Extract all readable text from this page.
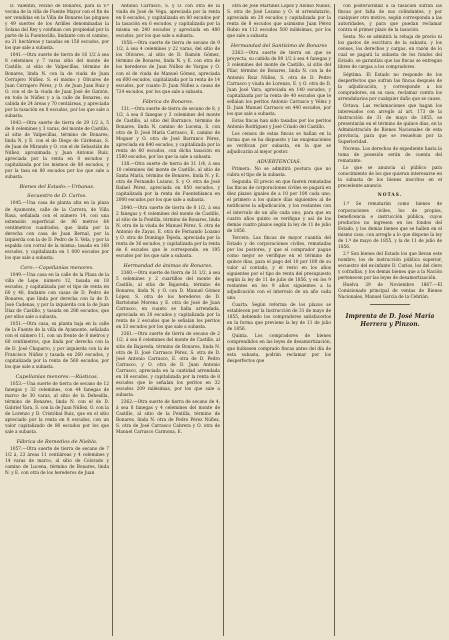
D. Valentin, vecino de Bonares, para la V.ª vecina de la villa de Fuente Mayor con el fin de ser vendidas en la Villa de Bonares las pingues y 49 suertes de los Ardiles denominadas la Solana del Rey y confinan con propiedad por la parte de la Fuentecilla, lindante con el camino, su 21 hectáreas y tasadas en 150 escudos, por los que sale a subasta.

1041.—Otra suerte de tierra de 16 1/2 á sea 8 celemines y 7 varas sitio del monte de Castillo, al sitio de Valpecillas, término de Bonares, linda N. con la de viuda de Juan Cerrajero Núñez. S. el mismo y Olivares de Juan Cerrajero Pérez, y O. de Juan Juan Ruiz y O. con el de la viuda de Juan José de Garzón, en todo lo Núñez y a la calle de Bonares; su cabida de 24 áreas y 70 centiáreas, y apreciada por la tasación en 8 escudos, por los que sale a subasta.

1043.—Otra suerte de tierra de 29 1/2 á, 5 de 8 celemines y 3 varas, del monte de Castillo, al sitio de Valpecillas, término de Bonares, linda N. y E. con el de Diego de Cárdenas, S. de Juan de Mirando y O. con el de Sebastián de Núñez, aproximada y Juan Antonio Ruiz, apreciada por la renta en 8 escudos y capitalizada por los mismos de 80 escudos, y por la tasa en 80 escudos por los que sale a subasta.

Bienes del Estado.—Urbanas.
Secuestro de D. Carlos.

1045.—Una casa de planta alta en la plaza de Ayamonte, calle de la Carrera, de Villa Rasa, señalada con el número 14, con una extensión superficial de 86 metros 64 centímetros cuadrados, que linda por la derecha con casa de Juan Bernal, por la izquierda con la de D. Pedro de S. Vela, y por la espalda con corral de la misma; tasada en 168 escudos, y capitalizada en 1 000 escudos por los que sale a subasta.

Cero.—Capellanías menores.

1049.—Una casa en la calle de la Plaza de la villa de Lepe, número 12, tasada en 18 escudos, y capitalizada por el tipo de renta en 60 y 40, lindante con casas de D. Pedro de Bonares, que linda por derecha con la de D. José Cadenas, y por la izquierda con la de Juan Díaz de Castillo, y tasada en 286 escudos, que por ellos sale a subasta.

1051.—Otra casa, su planta baja en la calle de la Fuente de la villa de Ayamonte, señalada con el número 11, con un frente de 8 metros y 60 centímetros, que linda por derecha con la de D. José Chaparro, y por izquierda con la de Francisco Núñez y tasada en 260 escudos, y capitalizada por la renta de 560 escudos, por los que sale a subasta.

Capellanías menores.—Rústicas.

1053.—Una suerte de tierra de secano de 12 fanegas y 32 celemines, con 44 fanegas de marco de 30 varas, al sitio de la Dehesilla, término de Bonares, linda N. con el de D. Gabriel Vara, S. con la de Juan Núñez, O. con la de Lorenzo y D. Cristóbal Ruiz, que en el sitio apreciado por la renta en 8 escudos, con un valor capitalizado de 80 escudos por los que sale a subasta.

Fábrica de Remedios de Niebla.

1057.—Otra suerte de tierra de secano de 7 1/2 á, 23 áreas 11 centiáreas y 4 celemines y 14 varas de marco, al sitio de Colorado y camino de Lucena, término de Bonares, linda N. y E. con otra de los herederos de Juan

Antonio Carrasco, S. y O. con otra de la viuda de José de Vega, apreciada por la renta en 8 escudos, y capitalizada en 80 escudos por la tasación en 6 escudos, y capitalizada por la misma en 240 escudos y apreciada en 480 escudos, por los que sale a subasta.

1058.—Otra suerte de tierra de secano de 9 1/2, á sea 4 celemines y 22 varas, del sitio de los Olivares, al sitio de D. Ramón Gómez, término de Bonares, linda N. y E. con otra de los herederos de Juan Núñez de Vargas y O. con el de viuda de Manuel Gómez, apreciada en 600 escudos, capitalizada por la renta de 14 escudos, por cuanto D. Juan Núñez a causa de 724 escudos, por los que sale a subasta.

Fábrica de Bonares.

131.—Otra suerte de tierra de secano de 8, y 1/2, á sea 8 fanegas y 3 celemines del monte de Castillo, al sitio del Barranco, término de Bonares, linda N. camino de Lucena, S. con otra de D. José María Carrasco, E. camino de Moguer y O. otra de José Barranco Pérez, apreciada en 840 escudos, y capitalizada por la renta de 60 escudos, con dicha tasación en 1580 escudos, por los que la sale a subasta.

138.—Otra suerte de tierra de 31 1/4, á sea 10 celemines del monte de Castillo, al sitio de Santa María, término de Bonares, linda N. y E. otra de Fernando Lozano, S. y O. otra de José Rafael Pérez, apreciada en 850 escudos, y capitalizada por la renta de Fuenteblanca en 2000 escudos por los que sale a subasta.

2040.—Otra suerte de tierra de 8 1/2, á sea 2 fanegas y 4 celemines del monte de Castillo, al sitio de la Pontilla, término de Bonares, linda N. otra de la viuda de Manuel Pérez, S. otra de Antonio de Zayas, E. otra de Fernando Lozano y O. otra de Domingo Tejeda, apreciada por la renta de 36 escudos, y capitalizada por la renta de 6 escudos que le corresponde, en 195 escudos por los que sale a subasta.

Hermandad de ánimas de Bonares.

2360.—Otra suerte de tierra de 31 1/2, á sea 5 celemines y 2 cuartillos del monte de Castillo, al sitio de Bajareda, término de Bonares, linda N. y O. con D. Manuel Gómez López, S. otra de los herederos de D. Bartolomé Morena y E. otra de José de Juan Carrasco, en cuanto se halla arrendada, apreciada en 20 escudos y capitalizada por la renta de 2 escudos que le señalan los peritos en 33 escudos por los que sale a subasta.

2361.—Otra suerte de tierra de secano de 2 1/2, á sea 6 celemines del monte de Castillo, al sitio de Bajareda, término de Bonares, linda N. otra de D. José Carrasco Pérez, S. otra de D. José Antonio Carrasco, E. otra de D. Pedro Carrasco, y O. otra de D. Juan Antonio Carrasco, apreciada en la cantidad arrendada en 18 escudos, y capitalizada por la renta de 8 escudos que le señalan los peritos en 32 escudos 209 milésimas, por los que sale a subasta.

2362.—Otra suerte de tierra de secano de 4, á sea 8 fanegas y 4 celemines del monte de Castillo, al sitio de la Pontilla, término de Bonares, linda N. otra de Pedro Pérez Núñez, S. otra de José Carrasco Cabrera y O. otra de Manuel Carrasco Carmona, E.

otra de José Martínez López y Alonso Núñez, S. otra de José Lozano y O. el arrendatario, apreciada en 20 escudos y capitalizada por la renta de 8 escudos que asimismo Juan Pérez Rubio en 112 escudos 500 milésimas, por los que sale a subasta.

Hermandad del Santísimo de Bonares

2363.—Otra suerte de tierra en que se proyecta, su cabida de 80 1/2 á sea 4 fanegas y 3 celemines del monte de Castillo, al sitio del Pilar, término de Bonares, linda N. con la de Antonio Ruiz Núñez, S. otra de D. Pedro Carrasco y viuda de Lorenzo, E. y O. otra de D. Juan José Vara, apreciada en 140 escudos, y capitalizada por la renta de 40 escudos que le señalan los peritos Antonio Carrasco y Vélez y D. Juan Manuel Carrasco en 440 escudos, por los que sale a subasta.

Estas fincas han sido tasadas por los peritos Antonio Rodríguez y José Criado del Castillo.

Los censos de estas fincas se hallan en la forma que se ha dispuesto y las enajenaciones se verifican por subasta, en la que se adjudicarán al mejor postor.

ADVERTENCIAS.

Primera. No se admitirá postura que no cubra el tipo de la subasta.

Segunda. El precio en que fueren rematadas las fincas de corporaciones civiles se pagará en diez plazos iguales de a 10 por 100 cada uno; el primero a los quince días siguientes al de notificarse la adjudicación, y los restantes con el intervalo de un año cada uno, para que en cuatro años quinto se verifique y así de los demás cuatro plazos según la ley de 11 de julio de 1856.

Tercera. Las fincas de mayor cuantía del Estado y de corporaciones civiles, rematadas por los postores, y que el comprador pague como mejor se verifique en el término de quince días, para el pago del 10 por 100 de su valor al contado, y el resto en los años siguientes por el tipo de renta del presupuesto según la ley de 11 de julio de 1856, y en los 9 restantes en los 9 años siguientes a la adjudicación con el intervalo de un año cada uno.

Cuarta. Según reforma de los plazos se establecen por la Instrucción de 31 de mayo de 1855, debiendo los compradores satisfacerlos en la forma que previene la ley de 11 de julio de 1856.

Quinta. Los compradores de bienes comprendidos en las leyes de desamortización, que hubiesen comprado fincas antes del día de esta subasta, podrán reclamar por los desperfectos que

con posterioridad a la tasación sufran las fincas por falta de sus colindantes, y por cualquier otro motivo, según corresponda a las autoridades, y para que puedan reclamar contra el primer plazo de la tasación.

Sexta. No se admitirá la rebaja de precio ni los gastos de escritura de la subasta, y los censos, los derechos y cargas, en razón de lo cual se pagará la subasta de los fondos del Estado, se garantiza que las fincas se entregan libres de cargas a los compradores.

Séptima. El Estado no responde de los desperfectos que sufran las fincas después de la adjudicación, y corresponde a los compradores, en su caso, reclamar contra los arrendatarios por cualquier daño que se cause.

Octava. Las reclamaciones que hagan los interesados con arreglo al art. 173 de la Instrucción de 31 de mayo de 1855, se presentarán en el término de quince días, en la Administración de Bienes Nacionales de esta provincia, para que se resuelvan por la Superioridad.

Novena. Los derechos de expediente hasta la toma de posesión serán de cuenta del rematante.

Lo que se anuncia al público para conocimiento de los que quieran interesarse en la subasta de los bienes inscritos en el precedente anuncio.

NOTAS.

1.ª Se rematarán como bienes de corporaciones civiles, los de propios, beneficencia e instrucción pública, cuyos productos no ingresen en los fondos del Estado, y los demás bienes que se hallen en el mismo caso, con arreglo a lo que dispone la ley de 1.º de mayo de 1855, y la de 11 de julio de 1856.

2.ª Son bienes del Estado los que llevan este nombre, los de instrucción pública superior, secuestro del ex-infante D. Carlos, los del clero y cofradías, y los demás bienes que a la Nación pertenecen por las leyes de desamortización.

Huelva 29 de Noviembre 1867.—El Comisionado principal de ventas de Bienes Nacionales, Manuel García de la Cebrián.

Imprenta de D. José María Herrera y Pinzon.
